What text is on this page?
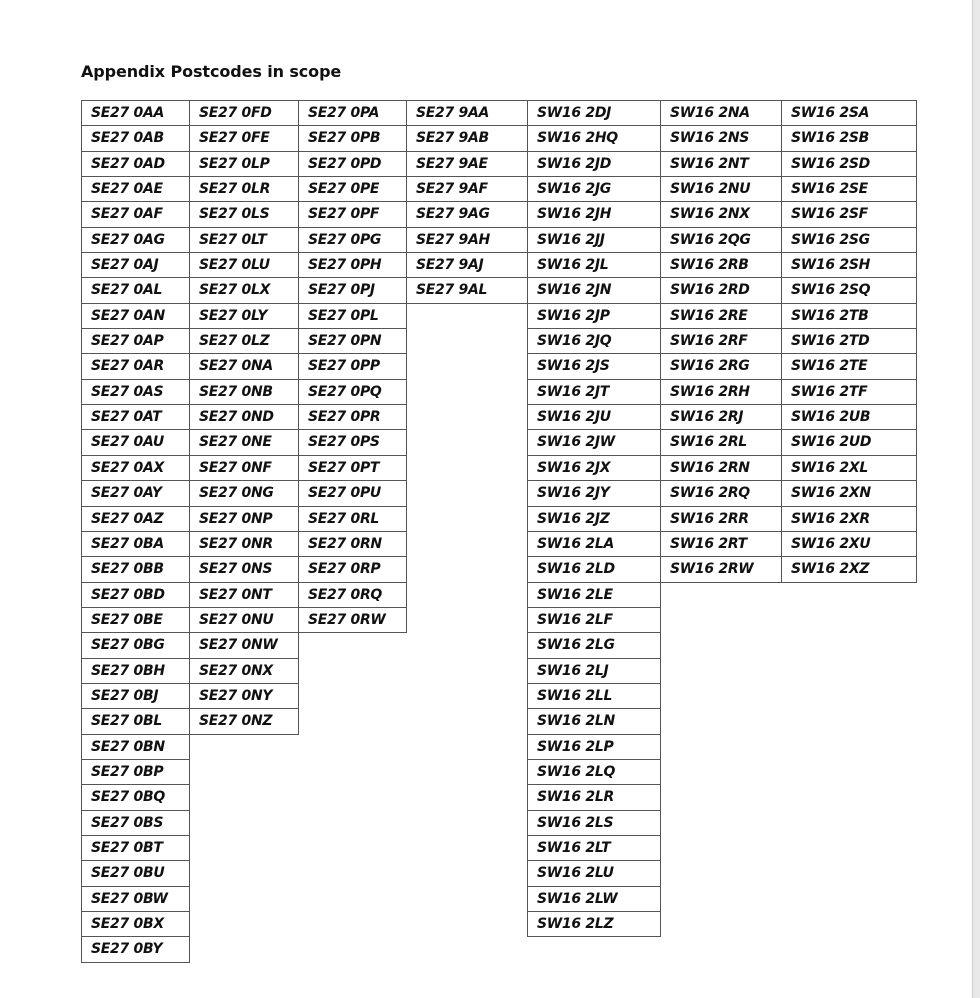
Appendix Postcodes in scope
SE27 0AA
SE27 0AB
SE27 0AD
SE27 0AE
SE27 0AF
SE27 0AG
SE27 0AJ
SE27 0AL
SE27 0AN
SE27 0AP
SE27 0AR
SE27 0AS
SE27 0AT
SE27 0AU
SE27 0AX
SE27 0AY
SE27 0AZ
SE27 0BA
SE27 0BB
SE27 0BD
SE27 0BE
SE27 0BG
SE27 0BH
SE27 0BJ
SE27 0BL
SE27 0BN
SE27 0BP
SE27 0BQ
SE27 0BS
SE27 0BT
SE27 0BU
SE27 0BW
SE27 0BX
SE27 0BY
SE27 0FD
SE27 0FE
SE27 0LP
SE27 0LR
SE27 0LS
SE27 0LT
SE27 0LU
SE27 0LX
SE27 0LY
SE27 0LZ
SE27 0NA
SE27 0NB
SE27 0ND
SE27 0NE
SE27 0NF
SE27 0NG
SE27 0NP
SE27 0NR
SE27 0NS
SE27 0NT
SE27 0NU
SE27 0NW
SE27 0NX
SE27 0NY
SE27 0NZ
SE27 0PA
SE27 0PB
SE27 0PD
SE27 0PE
SE27 0PF
SE27 0PG
SE27 0PH
SE27 0PJ
SE27 0PL
SE27 0PN
SE27 0PP
SE27 0PQ
SE27 0PR
SE27 0PS
SE27 0PT
SE27 0PU
SE27 0RL
SE27 0RN
SE27 0RP
SE27 0RQ
SE27 0RW
SE27 9AA
SE27 9AB
SE27 9AE
SE27 9AF
SE27 9AG
SE27 9AH
SE27 9AJ
SE27 9AL
SW16 2DJ
SW16 2HQ
SW16 2JD
SW16 2JG
SW16 2JH
SW16 2JJ
SW16 2JL
SW16 2JN
SW16 2JP
SW16 2JQ
SW16 2JS
SW16 2JT
SW16 2JU
SW16 2JW
SW16 2JX
SW16 2JY
SW16 2JZ
SW16 2LA
SW16 2LD
SW16 2LE
SW16 2LF
SW16 2LG
SW16 2LJ
SW16 2LL
SW16 2LN
SW16 2LP
SW16 2LQ
SW16 2LR
SW16 2LS
SW16 2LT
SW16 2LU
SW16 2LW
SW16 2LZ
SW16 2NA
SW16 2NS
SW16 2NT
SW16 2NU
SW16 2NX
SW16 2QG
SW16 2RB
SW16 2RD
SW16 2RE
SW16 2RF
SW16 2RG
SW16 2RH
SW16 2RJ
SW16 2RL
SW16 2RN
SW16 2RQ
SW16 2RR
SW16 2RT
SW16 2RW
SW16 2SA
SW16 2SB
SW16 2SD
SW16 2SE
SW16 2SF
SW16 2SG
SW16 2SH
SW16 2SQ
SW16 2TB
SW16 2TD
SW16 2TE
SW16 2TF
SW16 2UB
SW16 2UD
SW16 2XL
SW16 2XN
SW16 2XR
SW16 2XU
SW16 2XZ
